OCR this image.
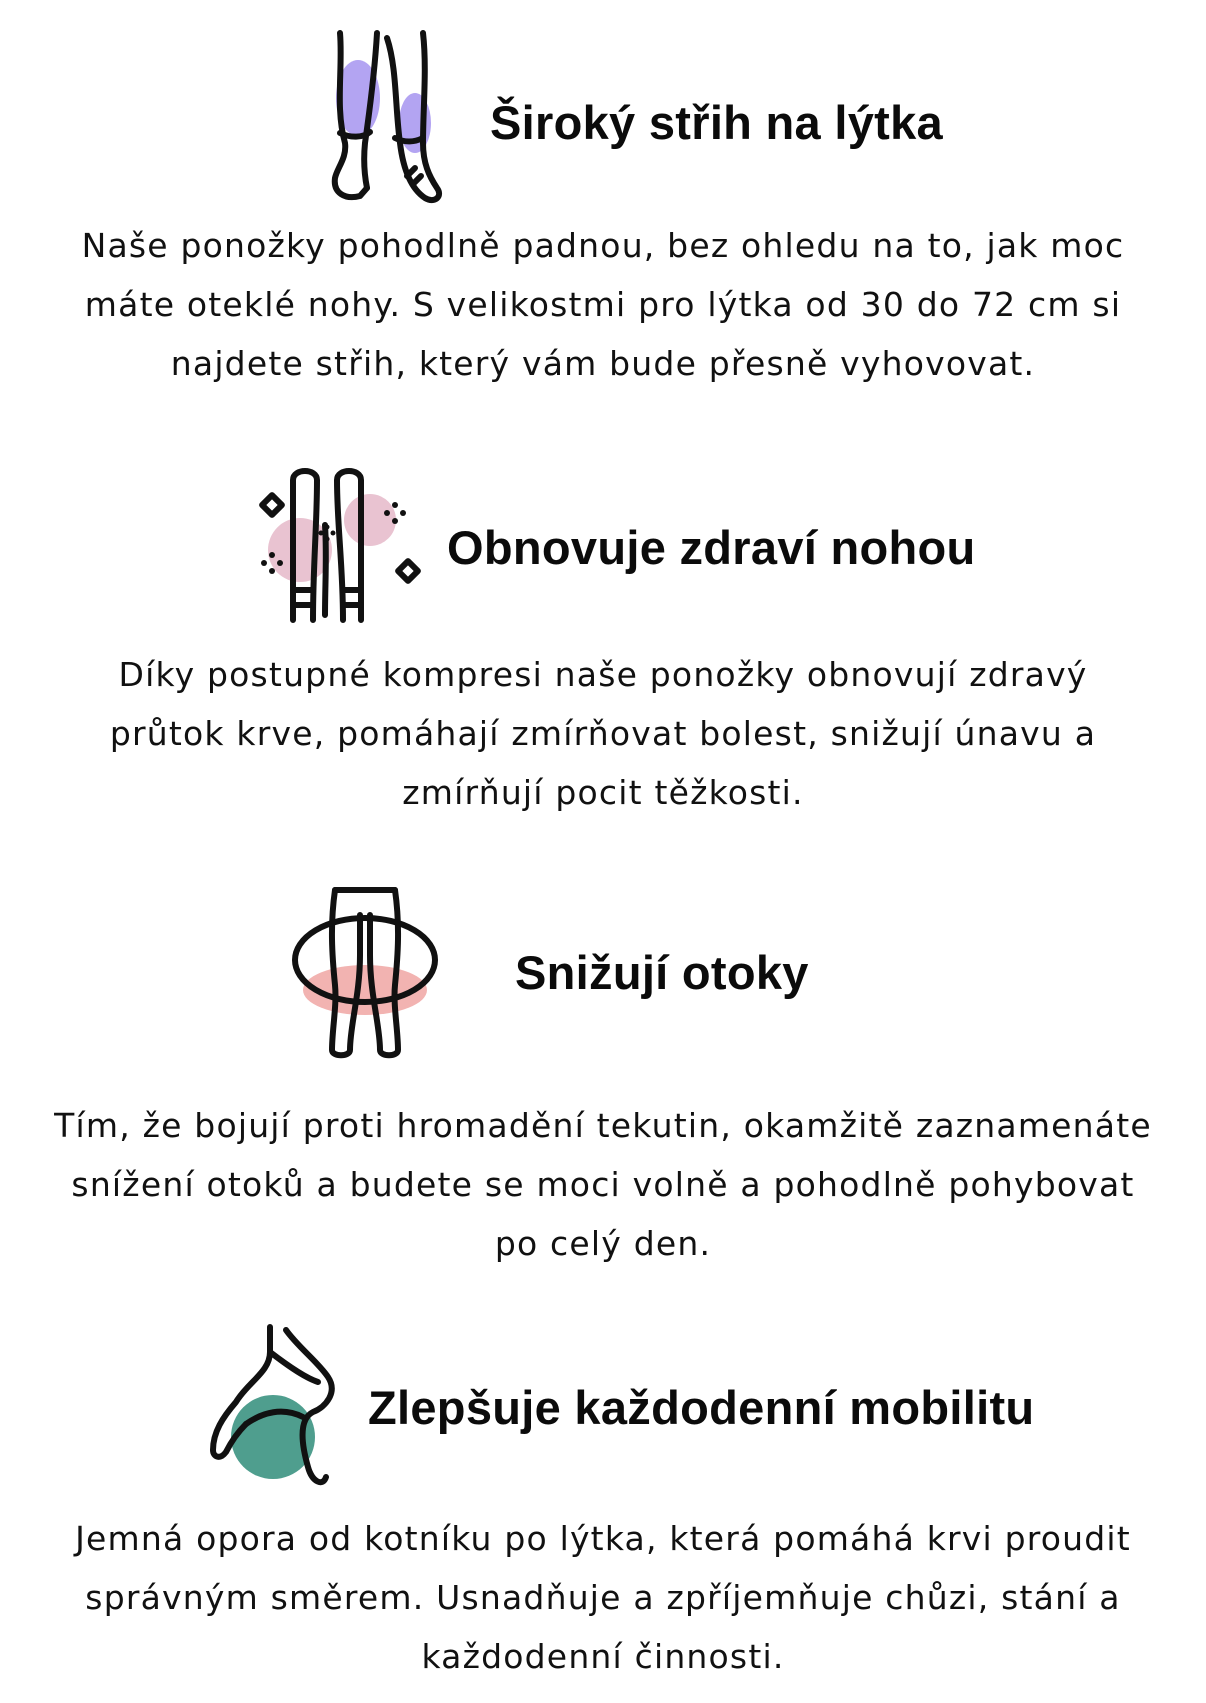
Široký střih na lýtka
Naše ponožky pohodlně padnou, bez ohledu na to, jak moc
máte oteklé nohy. S velikostmi pro lýtka od 30 do 72 cm si
najdete střih, který vám bude přesně vyhovovat.
Obnovuje zdraví nohou
Díky postupné kompresi naše ponožky obnovují zdravý
průtok krve, pomáhají zmírňovat bolest, snižují únavu a
zmírňují pocit těžkosti.
Snižují otoky
Tím, že bojují proti hromadění tekutin, okamžitě zaznamenáte
snížení otoků a budete se moci volně a pohodlně pohybovat
po celý den.
Zlepšuje každodenní mobilitu
Jemná opora od kotníku po lýtka, která pomáhá krvi proudit
správným směrem. Usnadňuje a zpříjemňuje chůzi, stání a
každodenní činnosti.
